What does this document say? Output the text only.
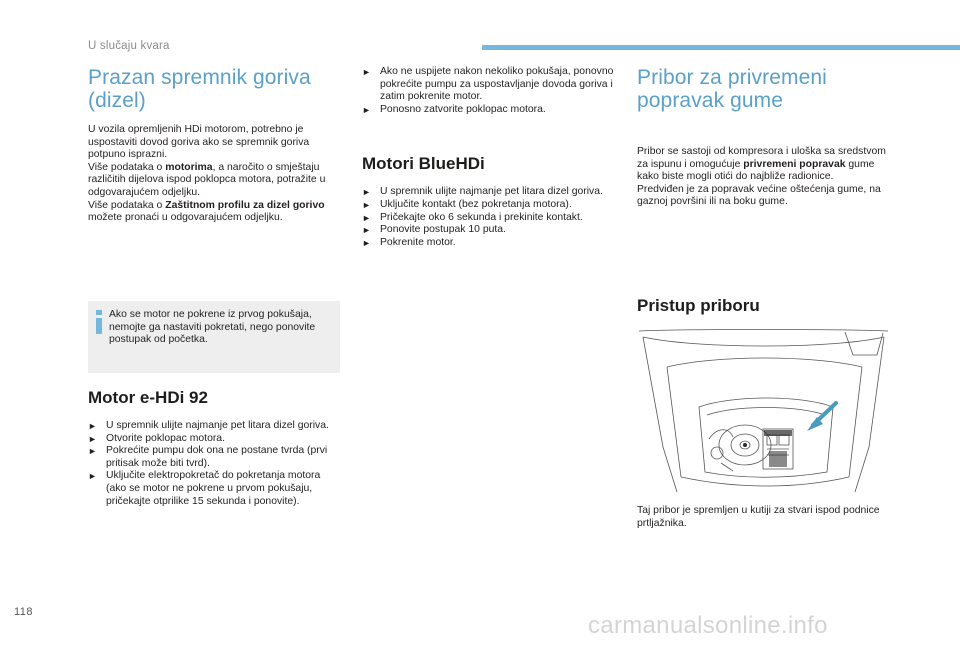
U slučaju kvara
Prazan spremnik goriva
(dizel)

U vozila opremljenih HDi motorom, potrebno je uspostaviti dovod goriva ako se spremnik goriva potpuno isprazni.
Više podataka o motorima, a naročito o smještaju različitih dijelova ispod poklopca motora, potražite u odgovarajućem odjeljku.
Više podataka o Zaštitnom profilu za dizel gorivo možete pronaći u odgovarajućem odjeljku.

Ako se motor ne pokrene iz prvog pokušaja, nemojte ga nastaviti pokretati, nego ponovite postupak od početka.

Motor e-HDi 92
► U spremnik ulijte najmanje pet litara dizel goriva.
► Otvorite poklopac motora.
► Pokrećite pumpu dok ona ne postane tvrda (prvi pritisak može biti tvrd).
► Uključite elektropokretač do pokretanja motora (ako se motor ne pokrene u prvom pokušaju, pričekajte otprilike 15 sekunda i ponovite).
► Ako ne uspijete nakon nekoliko pokušaja, ponovno pokrećite pumpu za uspostavljanje dovoda goriva i zatim pokrenite motor.
► Ponosno zatvorite poklopac motora.
Motori BlueHDi
► U spremnik ulijte najmanje pet litara dizel goriva.
► Uključite kontakt (bez pokretanja motora).
► Pričekajte oko 6 sekunda i prekinite kontakt.
► Ponovite postupak 10 puta.
► Pokrenite motor.
Pribor za privremeni
popravak gume

Pribor se sastoji od kompresora i uloška sa sredstvom za ispunu i omogućuje privremeni popravak gume kako biste mogli otići do najbliže radionice.
Predviđen je za popravak većine oštećenja gume, na gaznoj površini ili na boku gume.

Pristup priboru

Taj pribor je spremljen u kutiji za stvari ispod podnice prtljažnika.

118	carmanualsonline.info
